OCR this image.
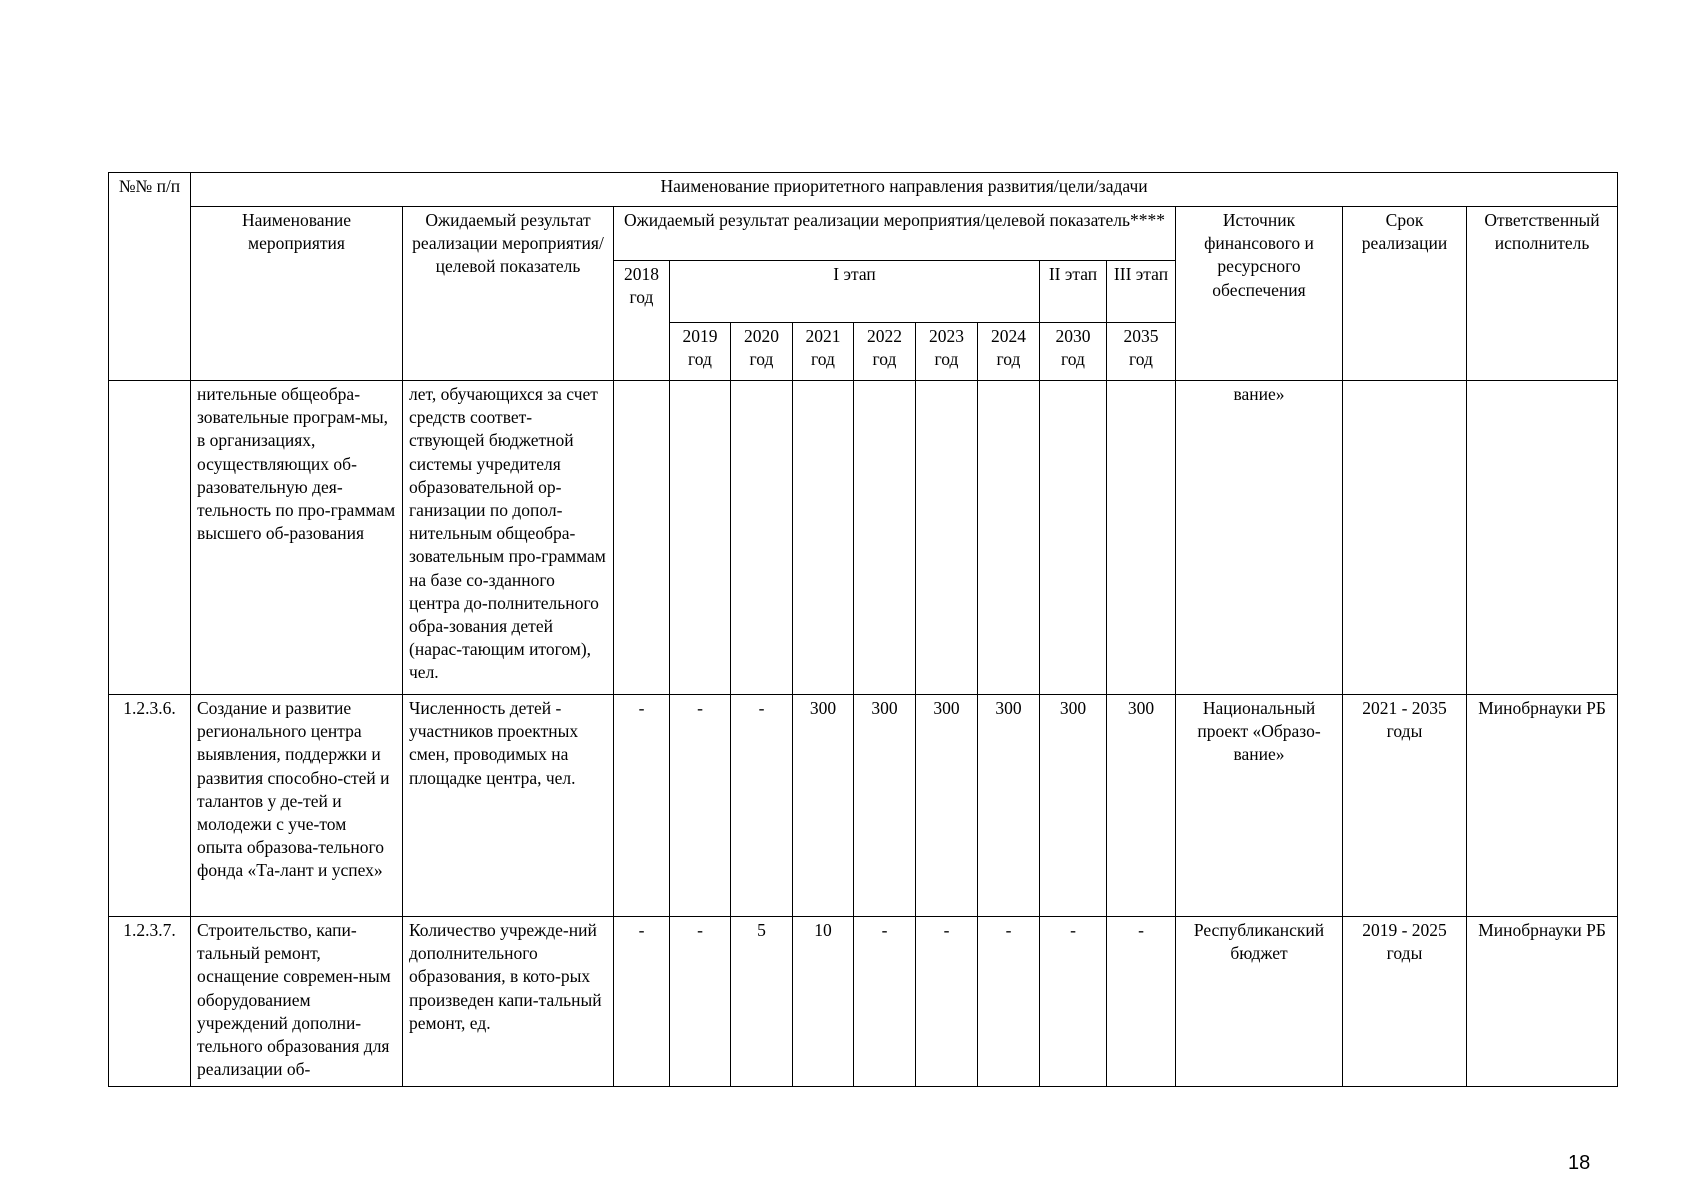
№№ п/п	Наименование приоритетного направления развития/цели/задачи													
	Наименование мероприятия	Ожидаемый результат реализации мероприятия/целевой показатель	Ожидаемый результат реализации мероприятия/целевой показатель****									Источник финансового и ресурсного обеспечения	Срок реализации	Ответственный исполнитель
			2018 год	I этап						II этап	III этап			
				2019 год	2020 год	2021 год	2022 год	2023 год	2024 год	2030 год	2035 год			
	нительные общеобра-зовательные програм-мы, в организациях, осуществляющих об-разовательную дея-тельность по про-граммам высшего об-разования	лет, обучающихся за счет средств соответ-ствующей бюджетной системы учредителя образовательной ор-ганизации по допол-нительным общеобра-зовательным про-граммам на базе со-зданного центра до-полнительного обра-зования детей (нарас-тающим итогом), чел.										вание»		
1.2.3.6.	Создание и развитие регионального центра выявления, поддержки и развития способно-стей и талантов у де-тей и молодежи с уче-том опыта образова-тельного фонда «Та-лант и успех»	Численность детей - участников проектных смен, проводимых на площадке центра, чел.	-	-	-	300	300	300	300	300	300	Национальный проект «Образо-вание»	2021 - 2035 годы	Минобрнауки РБ
1.2.3.7.	Строительство, капи-тальный ремонт, оснащение современ-ным оборудованием учреждений дополни-тельного образования для реализации об-	Количество учрежде-ний дополнительного образования, в кото-рых произведен капи-тальный ремонт, ед.	-	-	5	10	-	-	-	-	-	Республиканский бюджет	2019 - 2025 годы	Минобрнауки РБ
18
